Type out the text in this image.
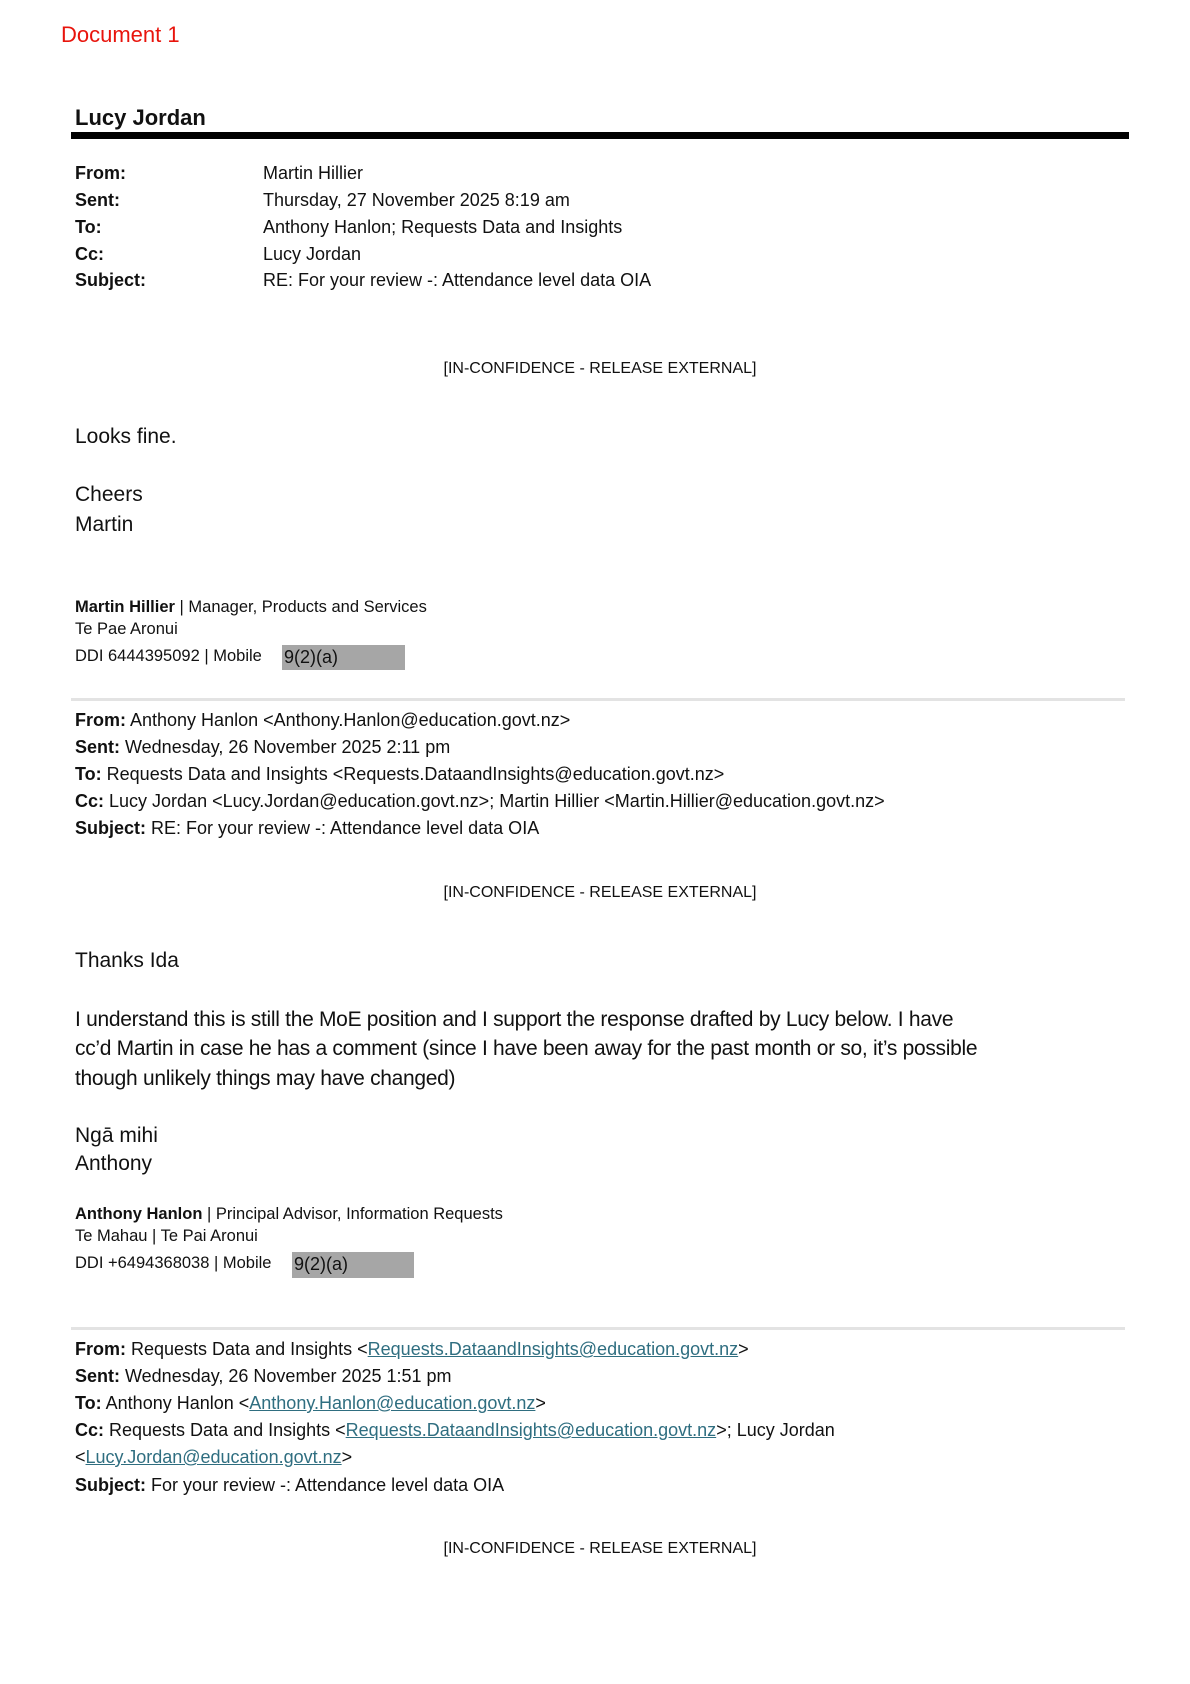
Document 1
Lucy Jordan
From:	Martin Hillier
Sent:	Thursday, 27 November 2025 8:19 am
To:	Anthony Hanlon; Requests Data and Insights
Cc:	Lucy Jordan
Subject:	RE: For your review -: Attendance level data OIA
[IN-CONFIDENCE - RELEASE EXTERNAL]
Looks fine.
Cheers
Martin
Martin Hillier | Manager, Products and Services
Te Pae Aronui
DDI 6444395092 | Mobile 9(2)(a)
From: Anthony Hanlon <Anthony.Hanlon@education.govt.nz>
Sent: Wednesday, 26 November 2025 2:11 pm
To: Requests Data and Insights <Requests.DataandInsights@education.govt.nz>
Cc: Lucy Jordan <Lucy.Jordan@education.govt.nz>; Martin Hillier <Martin.Hillier@education.govt.nz>
Subject: RE: For your review -: Attendance level data OIA
[IN-CONFIDENCE - RELEASE EXTERNAL]
Thanks Ida
I understand this is still the MoE position and I support the response drafted by Lucy below. I have
cc’d Martin in case he has a comment (since I have been away for the past month or so, it’s possible
though unlikely things may have changed)
Ngā mihi
Anthony
Anthony Hanlon | Principal Advisor, Information Requests
Te Mahau | Te Pai Aronui
DDI +6494368038 | Mobile 9(2)(a)
From: Requests Data and Insights <Requests.DataandInsights@education.govt.nz>
Sent: Wednesday, 26 November 2025 1:51 pm
To: Anthony Hanlon <Anthony.Hanlon@education.govt.nz>
Cc: Requests Data and Insights <Requests.DataandInsights@education.govt.nz>; Lucy Jordan
<Lucy.Jordan@education.govt.nz>
Subject: For your review -: Attendance level data OIA
[IN-CONFIDENCE - RELEASE EXTERNAL]
